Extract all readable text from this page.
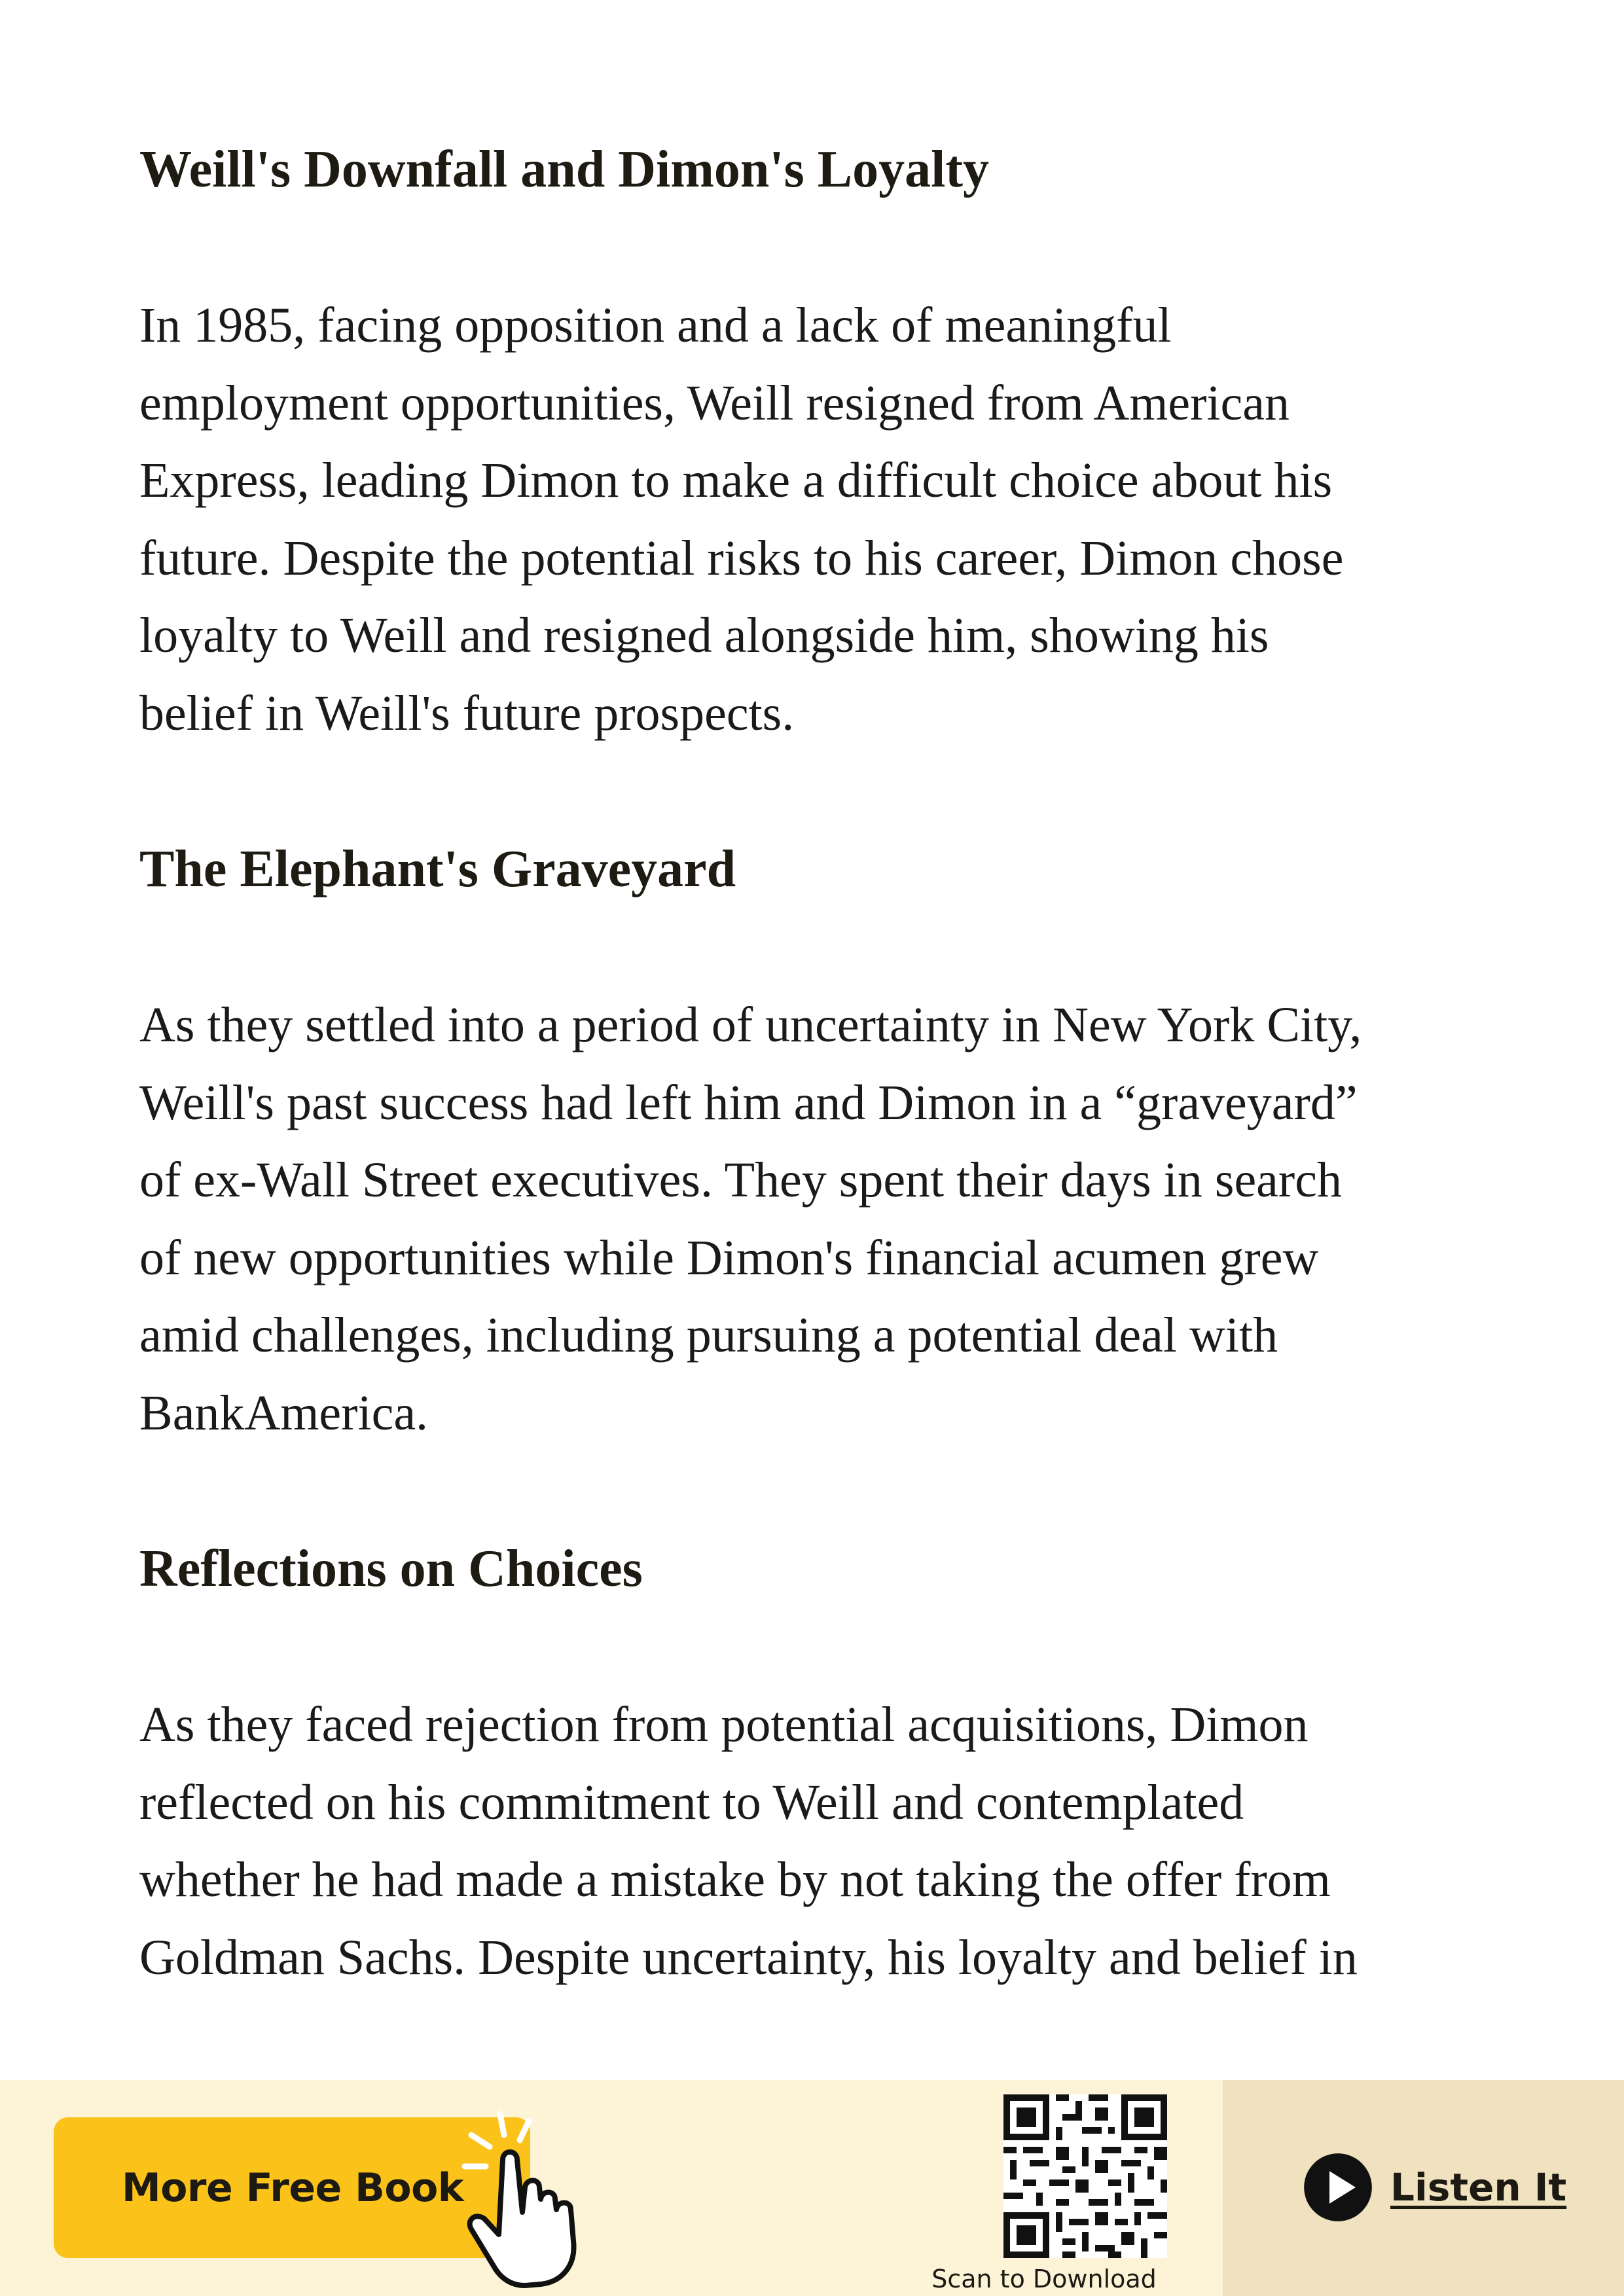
Weill's Downfall and Dimon's Loyalty
In 1985, facing opposition and a lack of meaningful
employment opportunities, Weill resigned from American
Express, leading Dimon to make a difficult choice about his
future. Despite the potential risks to his career, Dimon chose
loyalty to Weill and resigned alongside him, showing his
belief in Weill's future prospects.
The Elephant's Graveyard
As they settled into a period of uncertainty in New York City,
Weill's past success had left him and Dimon in a “graveyard”
of ex-Wall Street executives. They spent their days in search
of new opportunities while Dimon's financial acumen grew
amid challenges, including pursuing a potential deal with
BankAmerica.
Reflections on Choices
As they faced rejection from potential acquisitions, Dimon
reflected on his commitment to Weill and contemplated
whether he had made a mistake by not taking the offer from
Goldman Sachs. Despite uncertainty, his loyalty and belief in
More Free Book
Scan to Download
Listen It
